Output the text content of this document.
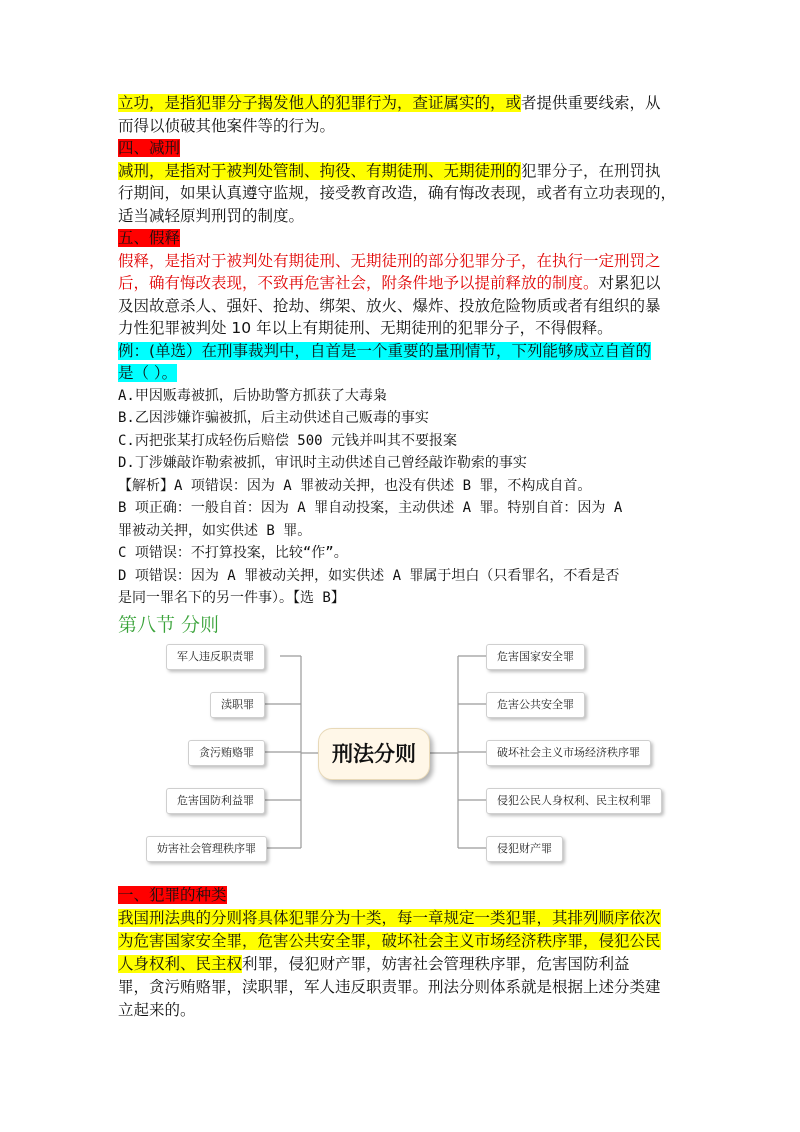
立功，是指犯罪分子揭发他人的犯罪行为，查证属实的，或者提供重要线索，从

而得以侦破其他案件等的行为。

四、减刑

减刑，是指对于被判处管制、拘役、有期徒刑、无期徒刑的犯罪分子，在刑罚执

行期间，如果认真遵守监规，接受教育改造，确有悔改表现，或者有立功表现的，

适当减轻原判刑罚的制度。

五、假释

假释，是指对于被判处有期徒刑、无期徒刑的部分犯罪分子，在执行一定刑罚之

后，确有悔改表现，不致再危害社会，附条件地予以提前释放的制度。对累犯以

及因故意杀人、强奸、抢劫、绑架、放火、爆炸、投放危险物质或者有组织的暴

力性犯罪被判处 10 年以上有期徒刑、无期徒刑的犯罪分子，不得假释。

例：(单选）在刑事裁判中，自首是一个重要的量刑情节，下列能够成立自首的

是（ ）。

A.甲因贩毒被抓，后协助警方抓获了大毒枭

B.乙因涉嫌诈骗被抓，后主动供述自己贩毒的事实

C.丙把张某打成轻伤后赔偿 500 元钱并叫其不要报案

D.丁涉嫌敲诈勒索被抓，审讯时主动供述自己曾经敲诈勒索的事实

【解析】A 项错误：因为 A 罪被动关押，也没有供述 B 罪，不构成自首。

B 项正确：一般自首：因为 A 罪自动投案，主动供述 A 罪。特别自首：因为 A

罪被动关押，如实供述 B 罪。

C 项错误：不打算投案，比较“作”。

D 项错误：因为 A 罪被动关押，如实供述 A 罪属于坦白（只看罪名，不看是否

是同一罪名下的另一件事）。【选 B】

第八节 分则

军人违反职责罪
渎职罪
贪污贿赂罪
危害国防利益罪
妨害社会管理秩序罪
刑法分则
危害国家安全罪
危害公共安全罪
破坏社会主义市场经济秩序罪
侵犯公民人身权利、民主权利罪
侵犯财产罪

一、犯罪的种类

我国刑法典的分则将具体犯罪分为十类，每一章规定一类犯罪，其排列顺序依次

为危害国家安全罪，危害公共安全罪，破坏社会主义市场经济秩序罪，侵犯公民

人身权利、民主权利罪，侵犯财产罪，妨害社会管理秩序罪，危害国防利益

罪，贪污贿赂罪，渎职罪，军人违反职责罪。刑法分则体系就是根据上述分类建

立起来的。
